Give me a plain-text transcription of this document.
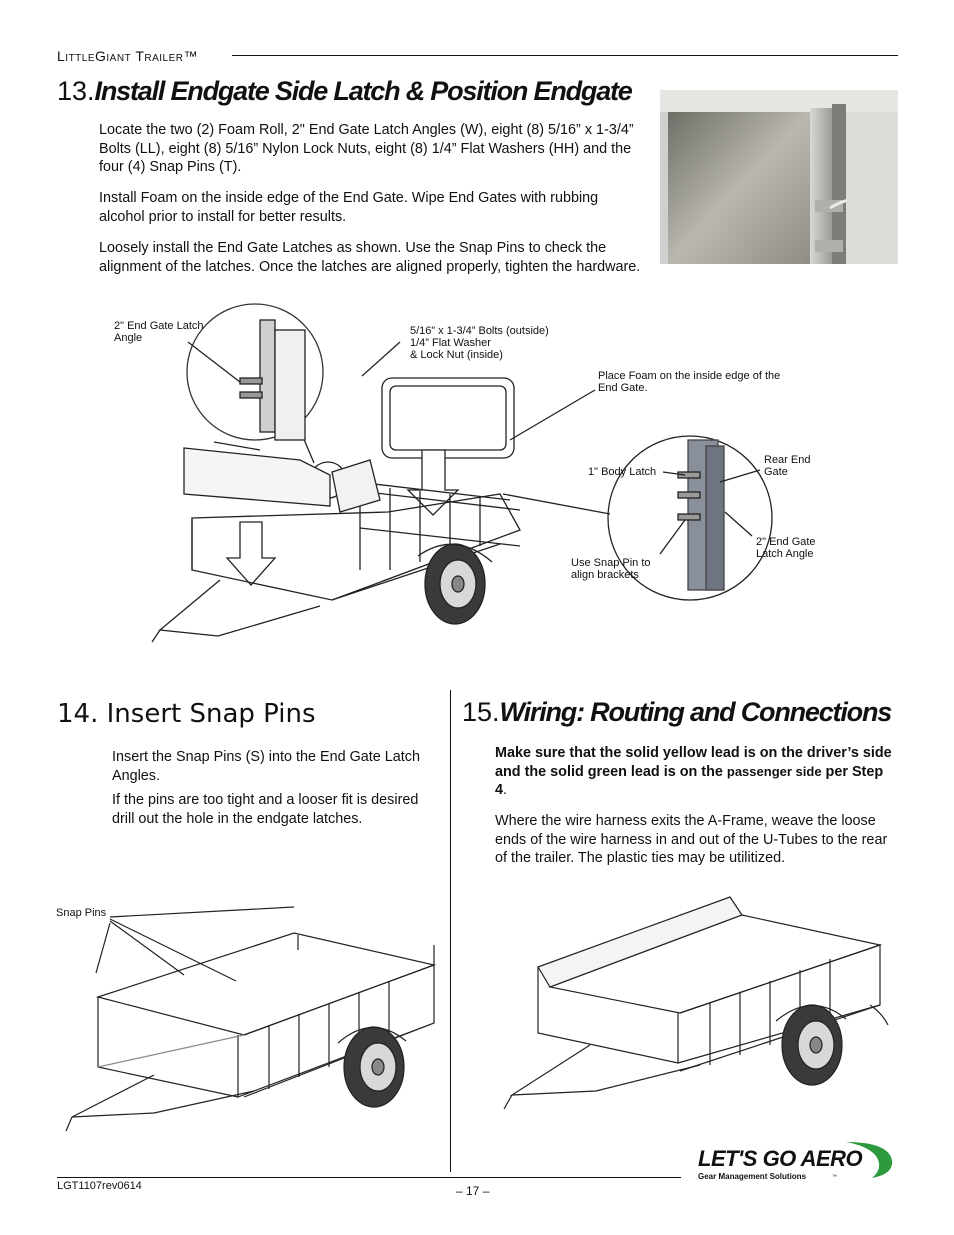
LittleGiant Trailer™
13.Install Endgate Side Latch & Position Endgate
Locate the two (2) Foam Roll, 2" End Gate Latch Angles (W), eight (8) 5/16” x 1-3/4” Bolts (LL), eight (8) 5/16” Nylon Lock Nuts, eight (8) 1/4” Flat Washers (HH) and the four (4) Snap Pins (T).
Install Foam on the inside edge of the End Gate. Wipe End Gates with rubbing alcohol prior to install for better results.
Loosely install the End Gate Latches as shown. Use the Snap Pins to check the alignment of the latches. Once the latches are aligned properly, tighten the hardware.
2" End Gate Latch Angle
5/16” x 1-3/4” Bolts (outside)
1/4” Flat Washer
& Lock Nut (inside)
Place Foam on the inside edge of the End Gate.
1" Body Latch
Rear End Gate
2" End Gate Latch Angle
Use Snap Pin to align brackets
14. Insert Snap Pins
Insert the Snap Pins (S) into the End Gate Latch Angles.
If the pins are too tight and a looser fit is desired drill out the hole in the endgate latches.
Snap Pins
15.Wiring: Routing and Connections
Make sure that the solid yellow lead is on the driver’s side and the solid green lead is on the passenger side per Step 4.
Where the wire harness exits the A-Frame, weave the loose ends of the wire harness in and out of the U-Tubes to the rear of the trailer. The plastic ties may be utilitized.
LGT1107rev0614	– 17 –
LET'S GO AERO
Gear Management Solutions	™
